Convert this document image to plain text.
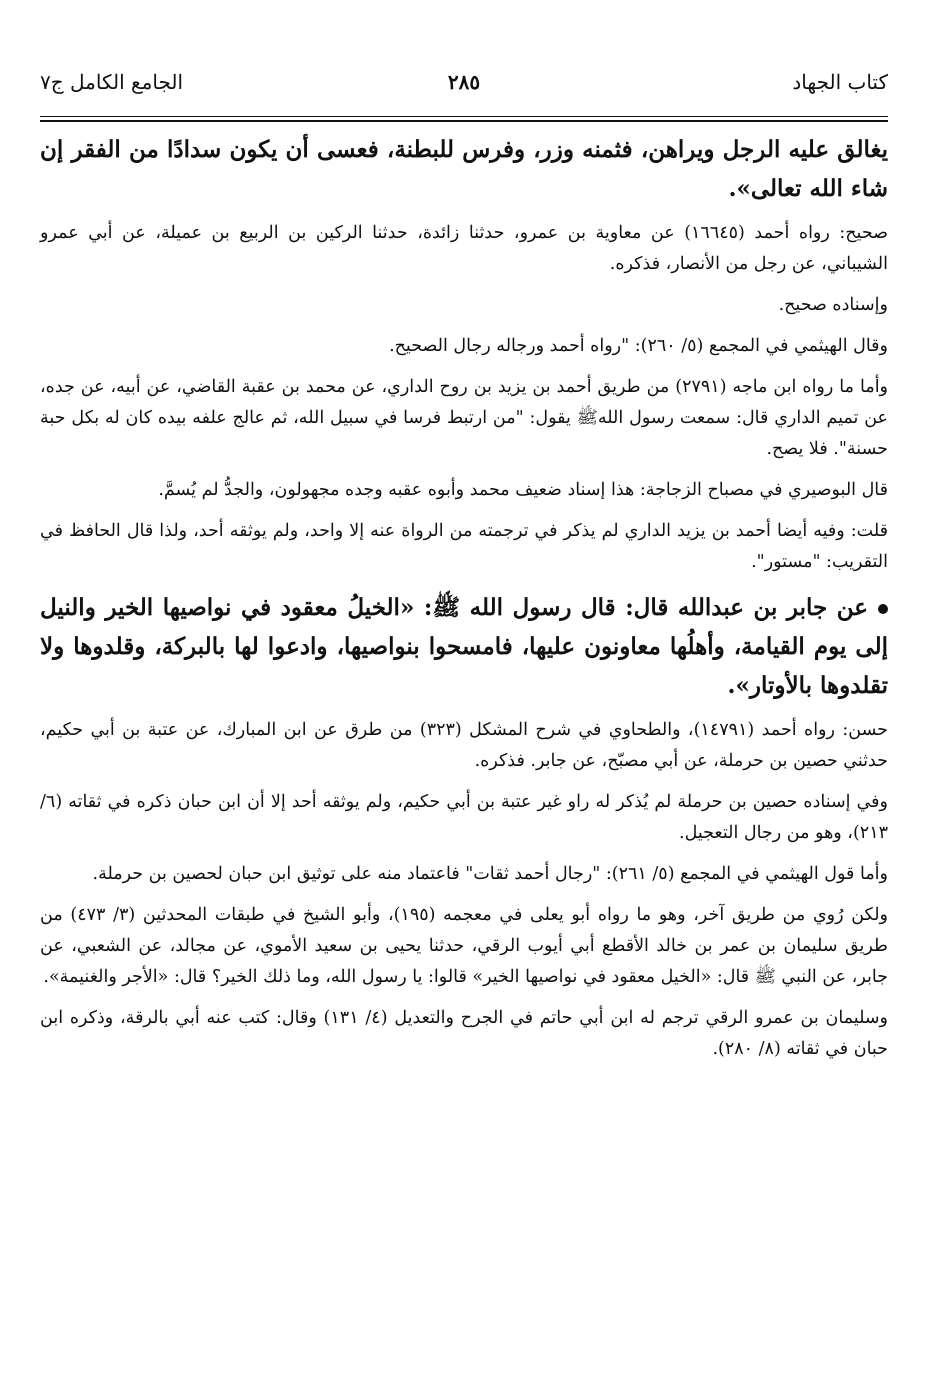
كتاب الجهاد
٢٨٥
الجامع الكامل ج٧

يغالق عليه الرجل ويراهن، فثمنه وزر، وفرس للبطنة، فعسى أن يكون سدادًا من الفقر إن شاء الله تعالى».

صحيح: رواه أحمد (١٦٦٤٥) عن معاوية بن عمرو، حدثنا زائدة، حدثنا الركين بن الربيع بن عميلة، عن أبي عمرو الشيباني، عن رجل من الأنصار، فذكره.

وإسناده صحيح.

وقال الهيثمي في المجمع (٥/ ٢٦٠): "رواه أحمد ورجاله رجال الصحيح.

وأما ما رواه ابن ماجه (٢٧٩١) من طريق أحمد بن يزيد بن روح الداري، عن محمد بن عقبة القاضي، عن أبيه، عن جده، عن تميم الداري قال: سمعت رسول اللهﷺ يقول: "من ارتبط فرسا في سبيل الله، ثم عالج علفه بيده كان له بكل حبة حسنة". فلا يصح.

قال البوصيري في مصباح الزجاجة: هذا إسناد ضعيف محمد وأبوه عقبه وجده مجهولون، والجدُّ لم يُسمَّ.

قلت: وفيه أيضا أحمد بن يزيد الداري لم يذكر في ترجمته من الرواة عنه إلا واحد، ولم يوثقه أحد، ولذا قال الحافظ في التقريب: "مستور".

عن جابر بن عبدالله قال: قال رسول الله ﷺ: «الخيلُ معقود في نواصيها الخير والنيل إلى يوم القيامة، وأهلُها معاونون عليها، فامسحوا بنواصيها، وادعوا لها بالبركة، وقلدوها ولا تقلدوها بالأوتار».

حسن: رواه أحمد (١٤٧٩١)، والطحاوي في شرح المشكل (٣٢٣) من طرق عن ابن المبارك، عن عتبة بن أبي حكيم، حدثني حصين بن حرملة، عن أبي مصبّح، عن جابر. فذكره.

وفي إسناده حصين بن حرملة لم يُذكر له راو غير عتبة بن أبي حكيم، ولم يوثقه أحد إلا أن ابن حبان ذكره في ثقاته (٦/ ٢١٣)، وهو من رجال التعجيل.

وأما قول الهيثمي في المجمع (٥/ ٢٦١): "رجال أحمد ثقات" فاعتماد منه على توثيق ابن حبان لحصين بن حرملة.

ولكن رُوي من طريق آخر، وهو ما رواه أبو يعلى في معجمه (١٩٥)، وأبو الشيخ في طبقات المحدثين (٣/ ٤٧٣) من طريق سليمان بن عمر بن خالد الأقطع أبي أيوب الرقي، حدثنا يحيى بن سعيد الأموي، عن مجالد، عن الشعبي، عن جابر، عن النبي ﷺ قال: «الخيل معقود في نواصيها الخير» قالوا: يا رسول الله، وما ذلك الخير؟ قال: «الأجر والغنيمة».

وسليمان بن عمرو الرقي ترجم له ابن أبي حاتم في الجرح والتعديل (٤/ ١٣١) وقال: كتب عنه أبي بالرقة، وذكره ابن حبان في ثقاته (٨/ ٢٨٠).
